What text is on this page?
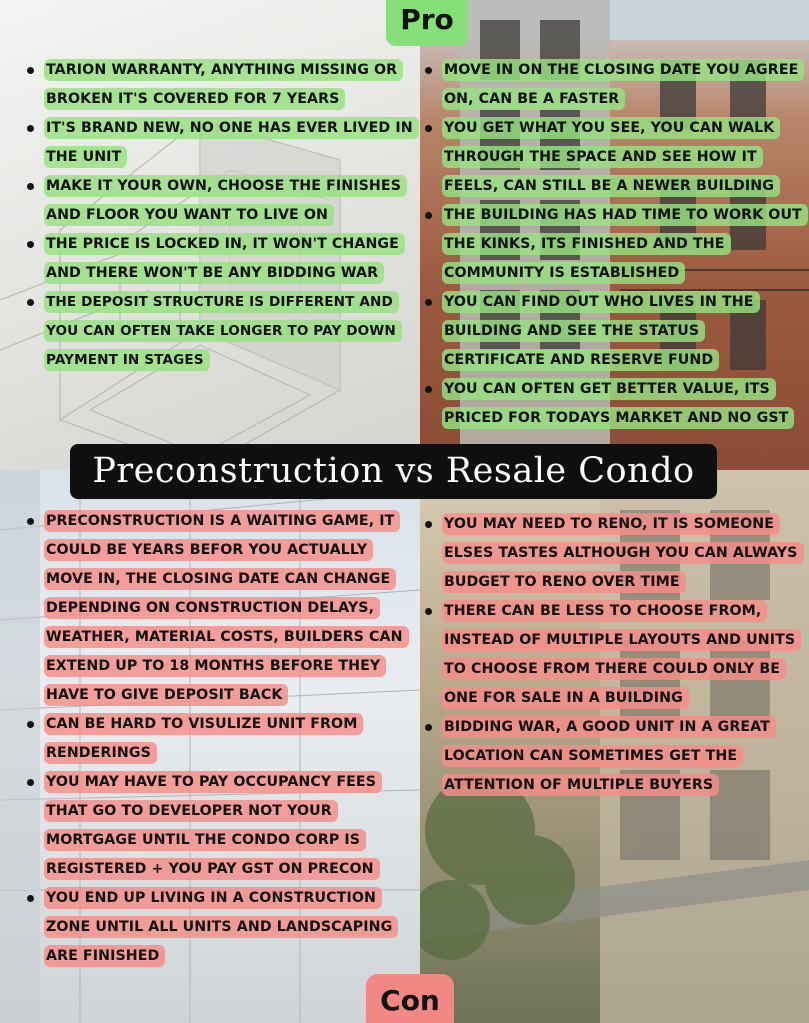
Pro
TARION WARRANTY, ANYTHING MISSING OR BROKEN IT'S COVERED FOR 7 YEARS
IT'S BRAND NEW, NO ONE HAS EVER LIVED IN THE UNIT
MAKE IT YOUR OWN, CHOOSE THE FINISHES AND FLOOR YOU WANT TO LIVE ON
THE PRICE IS LOCKED IN, IT WON'T CHANGE AND THERE WON'T BE ANY BIDDING WAR
THE DEPOSIT STRUCTURE IS DIFFERENT AND YOU CAN OFTEN TAKE LONGER TO PAY DOWN PAYMENT IN STAGES
MOVE IN ON THE CLOSING DATE YOU AGREE ON, CAN BE A FASTER
YOU GET WHAT YOU SEE, YOU CAN WALK THROUGH THE SPACE AND SEE HOW IT FEELS, CAN STILL BE A NEWER BUILDING
THE BUILDING HAS HAD TIME TO WORK OUT THE KINKS, ITS FINISHED AND THE COMMUNITY IS ESTABLISHED
YOU CAN FIND OUT WHO LIVES IN THE BUILDING AND SEE THE STATUS CERTIFICATE AND RESERVE FUND
YOU CAN OFTEN GET BETTER VALUE, ITS PRICED FOR TODAYS MARKET AND NO GST
Preconstruction vs Resale Condo
PRECONSTRUCTION IS A WAITING GAME, IT COULD BE YEARS BEFOR YOU ACTUALLY MOVE IN, THE CLOSING DATE CAN CHANGE DEPENDING ON CONSTRUCTION DELAYS, WEATHER, MATERIAL COSTS, BUILDERS CAN EXTEND UP TO 18 MONTHS BEFORE THEY HAVE TO GIVE DEPOSIT BACK
CAN BE HARD TO VISULIZE UNIT FROM RENDERINGS
YOU MAY HAVE TO PAY OCCUPANCY FEES THAT GO TO DEVELOPER NOT YOUR MORTGAGE UNTIL THE CONDO CORP IS REGISTERED + YOU PAY GST ON PRECON
YOU END UP LIVING IN A CONSTRUCTION ZONE UNTIL ALL UNITS AND LANDSCAPING ARE FINISHED
YOU MAY NEED TO RENO, IT IS SOMEONE ELSES TASTES ALTHOUGH YOU CAN ALWAYS BUDGET TO RENO OVER TIME
THERE CAN BE LESS TO CHOOSE FROM, INSTEAD OF MULTIPLE LAYOUTS AND UNITS TO CHOOSE FROM THERE COULD ONLY BE ONE FOR SALE IN A BUILDING
BIDDING WAR, A GOOD UNIT IN A GREAT LOCATION CAN SOMETIMES GET THE ATTENTION OF MULTIPLE BUYERS
Con
